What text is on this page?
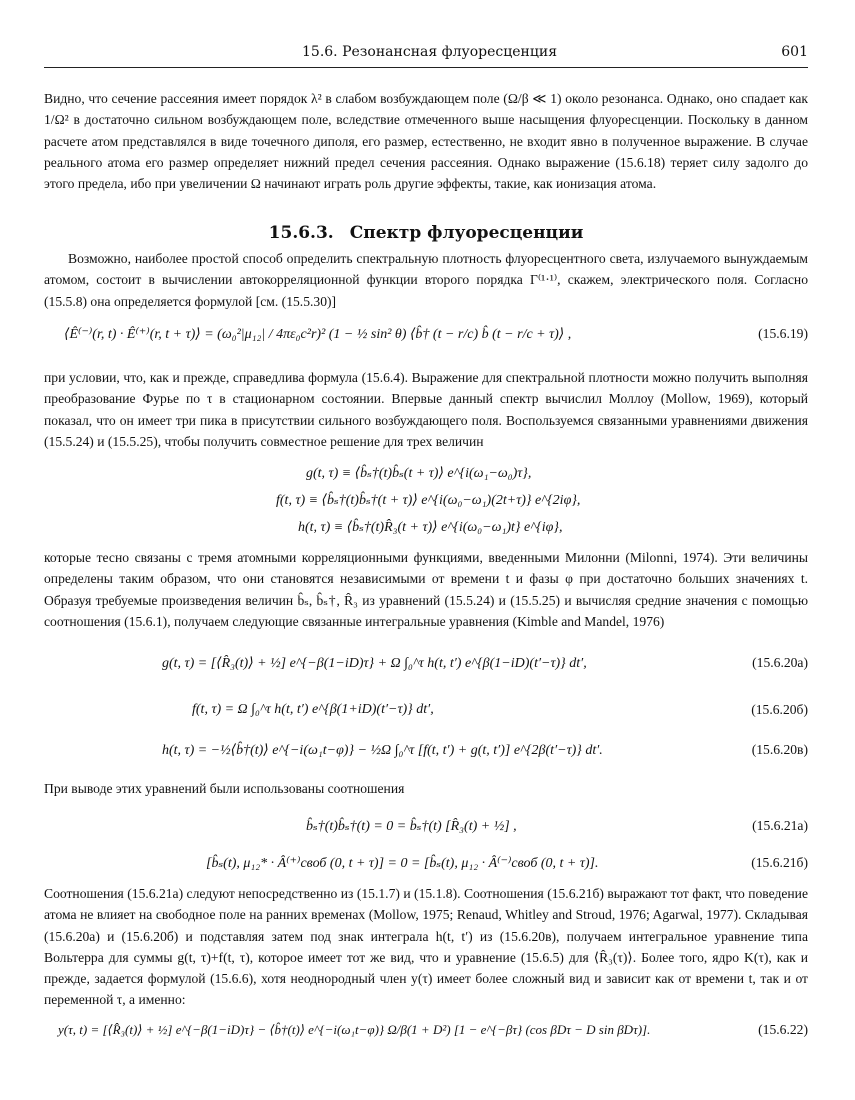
15.6. Резонансная флуоресценция	601

Видно, что сечение рассеяния имеет порядок λ² в слабом возбуждающем поле (Ω/β ≪ 1) около резонанса. Однако, оно спадает как 1/Ω² в достаточно сильном возбуждающем поле, вследствие отмеченного выше насыщения флуоресценции. Поскольку в данном расчете атом представлялся в виде точечного диполя, его размер, естественно, не входит явно в полученное выражение. В случае реального атома его размер определяет нижний предел сечения рассеяния. Однако выражение (15.6.18) теряет силу задолго до этого предела, ибо при увеличении Ω начинают играть роль другие эффекты, такие, как ионизация атома.

15.6.3. Спектр флуоресценции

Возможно, наиболее простой способ определить спектральную плотность флуоресцентного света, излучаемого вынуждаемым атомом, состоит в вычислении автокорреляционной функции второго порядка Γ⁽¹·¹⁾, скажем, электрического поля. Согласно (15.5.8) она определяется формулой [см. (15.5.30)]

⟨Ê⁽⁻⁾(r, t) · Ê⁽⁺⁾(r, t + τ)⟩ = (ω₀²|μ₁₂| / 4πε₀c²r)² (1 − ½ sin² θ) ⟨b̂† (t − r/c) b̂ (t − r/c + τ)⟩ ,	(15.6.19)

при условии, что, как и прежде, справедлива формула (15.6.4). Выражение для спектральной плотности можно получить выполняя преобразование Фурье по τ в стационарном состоянии. Впервые данный спектр вычислил Моллоу (Mollow, 1969), который показал, что он имеет три пика в присутствии сильного возбуждающего поля. Воспользуемся связанными уравнениями движения (15.5.24) и (15.5.25), чтобы получить совместное решение для трех величин

g(t, τ) ≡ ⟨b̂ₛ†(t)b̂ₛ(t + τ)⟩ e^{i(ω₁−ω₀)τ},
f(t, τ) ≡ ⟨b̂ₛ†(t)b̂ₛ†(t + τ)⟩ e^{i(ω₀−ω₁)(2t+τ)} e^{2iφ},
h(t, τ) ≡ ⟨b̂ₛ†(t)R̂₃(t + τ)⟩ e^{i(ω₀−ω₁)t} e^{iφ},

которые тесно связаны с тремя атомными корреляционными функциями, введенными Милонни (Milonni, 1974). Эти величины определены таким образом, что они становятся независимыми от времени t и фазы φ при достаточно больших значениях t. Образуя требуемые произведения величин b̂ₛ, b̂ₛ†, R̂₃ из уравнений (15.5.24) и (15.5.25) и вычисляя средние значения с помощью соотношения (15.6.1), получаем следующие связанные интегральные уравнения (Kimble and Mandel, 1976)

g(t, τ) = [⟨R̂₃(t)⟩ + ½] e^{−β(1−iD)τ} + Ω ∫₀^τ h(t, t′) e^{β(1−iD)(t′−τ)} dt′,	(15.6.20а)
f(t, τ) = Ω ∫₀^τ h(t, t′) e^{β(1+iD)(t′−τ)} dt′,	(15.6.20б)
h(t, τ) = −½⟨b̂†(t)⟩ e^{−i(ω₁t−φ)} − ½Ω ∫₀^τ [f(t, t′) + g(t, t′)] e^{2β(t′−τ)} dt′.	(15.6.20в)

При выводе этих уравнений были использованы соотношения

b̂ₛ†(t)b̂ₛ†(t) = 0 = b̂ₛ†(t) [R̂₃(t) + ½] ,	(15.6.21а)
[b̂ₛ(t), μ₁₂* · Â⁽⁺⁾своб (0, t + τ)] = 0 = [b̂ₛ(t), μ₁₂ · Â⁽⁻⁾своб (0, t + τ)].	(15.6.21б)

Соотношения (15.6.21а) следуют непосредственно из (15.1.7) и (15.1.8). Соотношения (15.6.21б) выражают тот факт, что поведение атома не влияет на свободное поле на ранних временах (Mollow, 1975; Renaud, Whitley and Stroud, 1976; Agarwal, 1977). Складывая (15.6.20а) и (15.6.20б) и подставляя затем под знак интеграла h(t, t′) из (15.6.20в), получаем интегральное уравнение типа Вольтерра для суммы g(t, τ)+f(t, τ), которое имеет тот же вид, что и уравнение (15.6.5) для ⟨R̂₃(τ)⟩. Более того, ядро K(τ), как и прежде, задается формулой (15.6.6), хотя неоднородный член y(τ) имеет более сложный вид и зависит как от времени t, так и от переменной τ, а именно:

y(τ, t) = [⟨R̂₃(t)⟩ + ½] e^{−β(1−iD)τ} − ⟨b̂†(t)⟩ e^{−i(ω₁t−φ)} Ω/β(1 + D²) [1 − e^{−βτ} (cos βDτ − D sin βDτ)].	(15.6.22)
